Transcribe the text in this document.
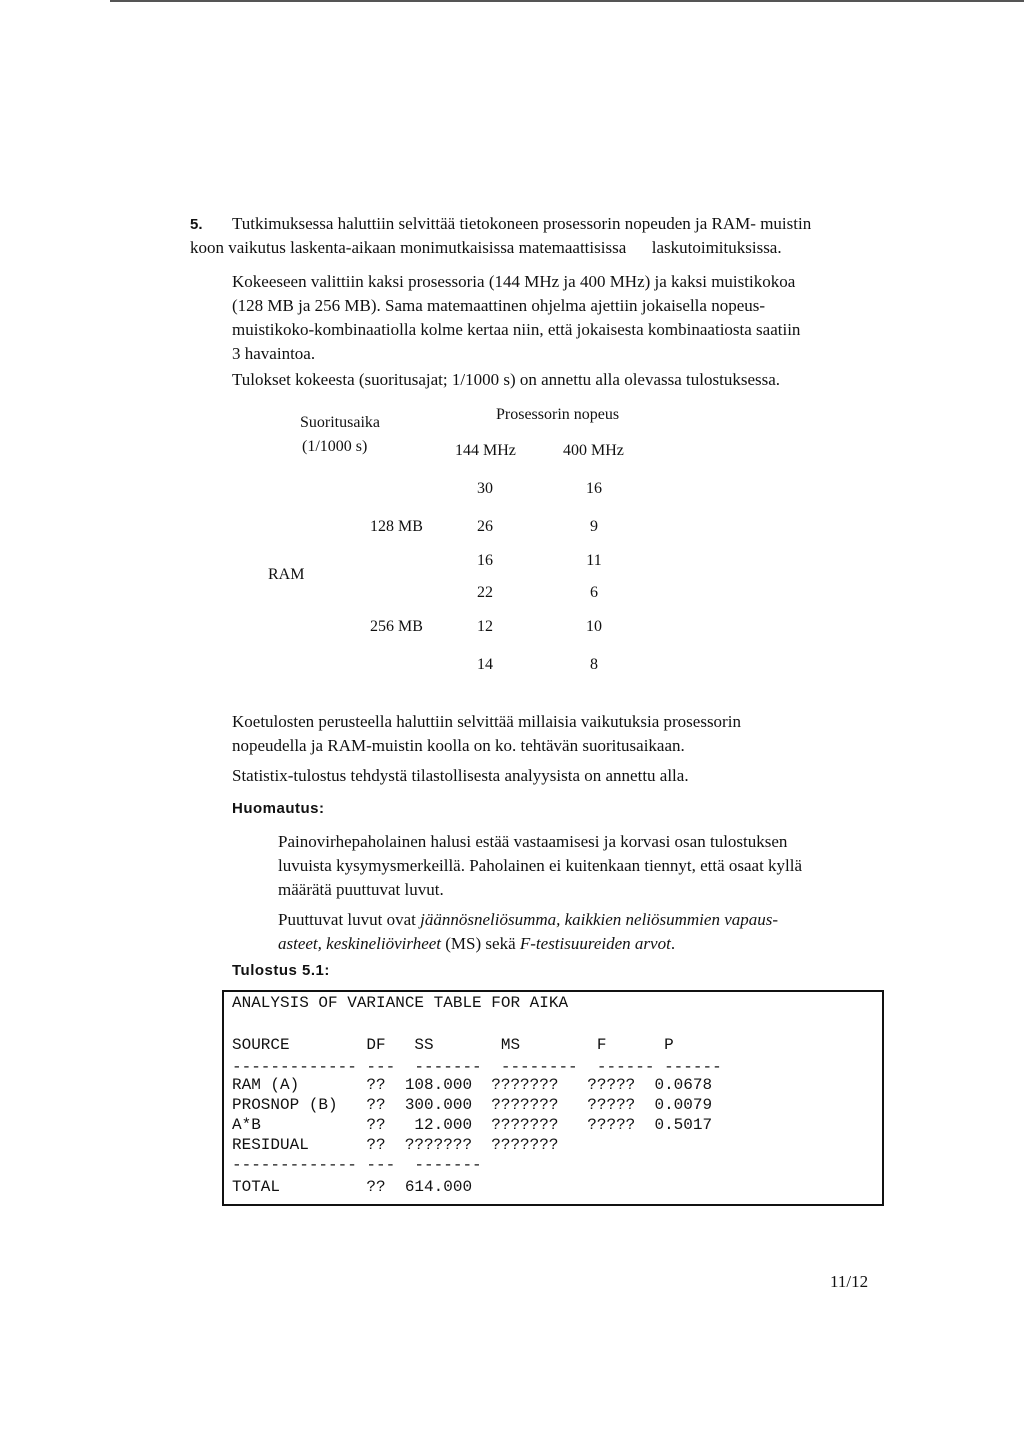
5.	Tutkimuksessa haluttiin selvittää tietokoneen prosessorin nopeuden ja RAM- muistin
koon vaikutus laskenta-aikaan monimutkaisissa matemaattisissa      laskutoimituksissa.
Kokeeseen valittiin kaksi prosessoria (144 MHz ja 400 MHz) ja kaksi muistikokoa
(128 MB ja 256 MB). Sama matemaattinen ohjelma ajettiin jokaisella nopeus-
muistikoko-kombinaatiolla kolme kertaa niin, että jokaisesta kombinaatiosta saatiin
3 havaintoa.
Tulokset kokeesta (suoritusajat; 1/1000 s) on annettu alla olevassa tulostuksessa.
Suoritusaika
(1/1000 s)
Prosessorin nopeus
144 MHz	400 MHz
RAM
128 MB
256 MB
30
26
16
22
12
14
16
9
11
6
10
8
Koetulosten perusteella haluttiin selvittää millaisia vaikutuksia prosessorin
nopeudella ja RAM-muistin koolla on ko. tehtävän suoritusaikaan.
Statistix-tulostus tehdystä tilastollisesta analyysista on annettu alla.
Huomautus:
Painovirhepaholainen halusi estää vastaamisesi ja korvasi osan tulostuksen
luvuista kysymysmerkeillä. Paholainen ei kuitenkaan tiennyt, että osaat kyllä
määrätä puuttuvat luvut.
Puuttuvat luvut ovat jäännösneliösumma, kaikkien neliösummien vapaus-
asteet, keskineliövirheet (MS) sekä F-testisuureiden arvot.
Tulostus 5.1:
ANALYSIS OF VARIANCE TABLE FOR AIKA
SOURCE        DF   SS       MS        F      P
------------- ---  -------  --------  ------ ------
RAM (A)       ??  108.000  ???????   ?????  0.0678
PROSNOP (B)   ??  300.000  ???????   ?????  0.0079
A*B           ??   12.000  ???????   ?????  0.5017
RESIDUAL      ??  ???????  ???????
------------- ---  -------
TOTAL         ??  614.000
11/12
